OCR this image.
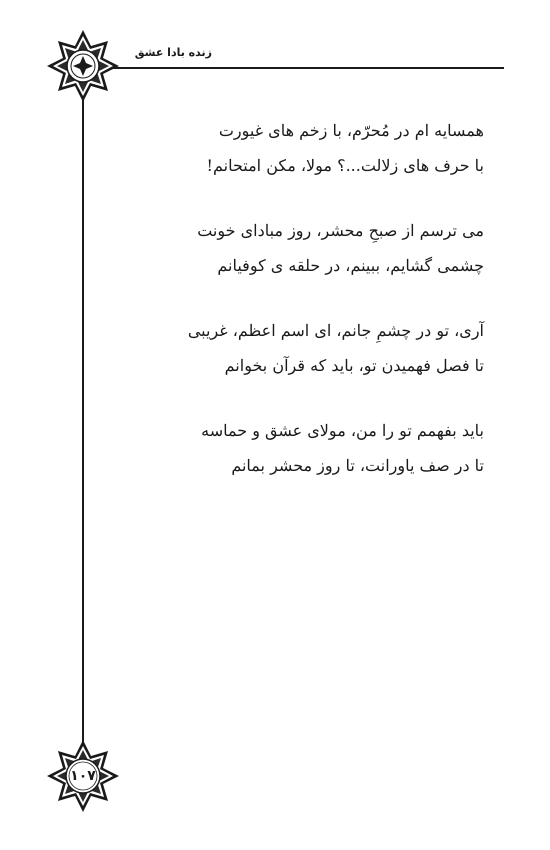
زنده بادا عشق
همسایه ام در مُحرّم، با زخم های غیورت
با حرف های زلالت...؟ مولا، مکن امتحانم!
می ترسم از صبحِ محشر، روز مبادای خونت
چشمی گشایم، ببینم، در حلقه ی کوفیانم
آری، تو در چشمِ جانم، ای اسم اعظم، غریبی
تا فصل فهمیدن تو، باید که قرآن بخوانم
باید بفهمم تو را من، مولای عشق و حماسه
تا در صف یاورانت، تا روز محشر بمانم
۱۰۷
